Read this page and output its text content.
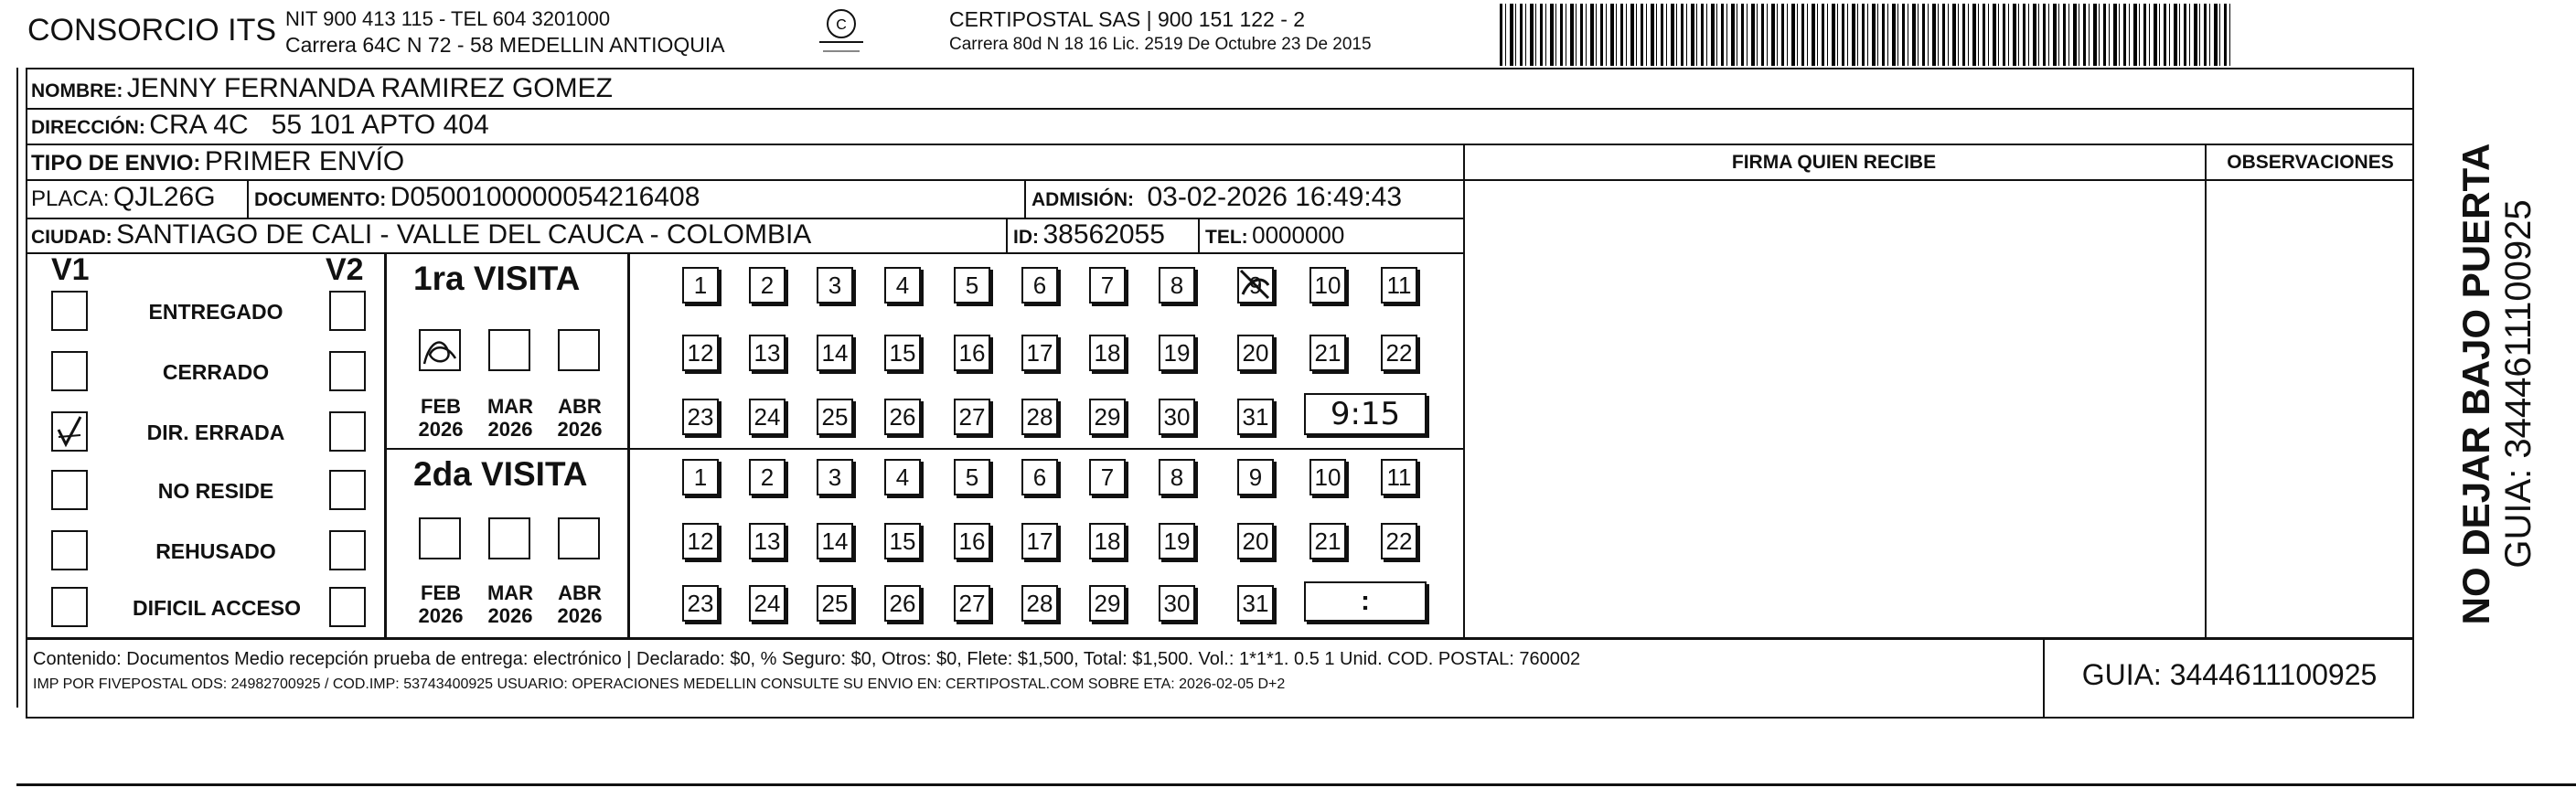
CONSORCIO ITS NIT 900 413 115 - TEL 604 3201000
Carrera 64C N 72 - 58 MEDELLIN ANTIOQUIA
C	CERTIPOSTAL SAS | 900 151 122 - 2
Carrera 80d N 18 16 Lic. 2519 De Octubre 23 De 2015
NOMBRE: JENNY FERNANDA RAMIREZ GOMEZ
DIRECCIÓN: CRA 4C   55 101 APTO 404
TIPO DE ENVIO: PRIMER ENVÍO
PLACA: QJL26G DOCUMENTO: D0500100000054216408	ADMISIÓN: 03-02-2026 16:49:43
CIUDAD: SANTIAGO DE CALI - VALLE DEL CAUCA - COLOMBIA	ID: 38562055 TEL: 0000000
FIRMA QUIEN RECIBE	OBSERVACIONES
V1	V2
ENTREGADO
CERRADO
DIR. ERRADA
NO RESIDE
REHUSADO
DIFICIL ACCESO
1ra VISITA
2da VISITA
FEB
2026
MAR
2026
ABR
2026
FEB
2026
MAR
2026
ABR
2026
1	2	3	4	5	6	7	8	9	10 11
12 13 14 15 16 17 18 19 20 21 22
23 24 25 26 27 28 29 30 31
1	2	3	4	5	6	7	8	9	10 11
12 13 14 15 16 17 18 19 20 21 22
23 24 25 26 27 28 29 30 31
9:15
:
Contenido: Documentos Medio recepción prueba de entrega: electrónico | Declarado: $0, % Seguro: $0, Otros: $0, Flete: $1,500, Total: $1,500. Vol.: 1*1*1. 0.5 1 Unid. COD. POSTAL: 760002
IMP POR FIVEPOSTAL ODS: 24982700925 / COD.IMP: 53743400925 USUARIO: OPERACIONES MEDELLIN CONSULTE SU ENVIO EN: CERTIPOSTAL.COM SOBRE ETA: 2026-02-05 D+2	GUIA: 3444611100925
NO DEJAR BAJO PUERTA GUIA: 3444611100925
